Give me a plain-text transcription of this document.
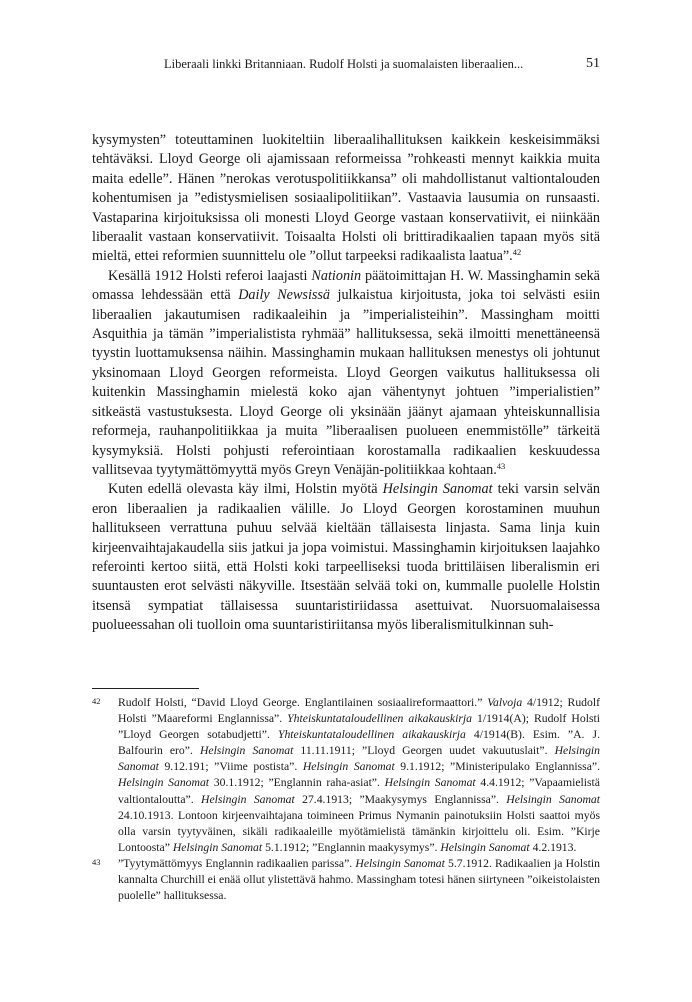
Liberaali linkki Britanniaan. Rudolf Holsti ja suomalaisten liberaalien...	51

kysymysten” toteuttaminen luokiteltiin liberaalihallituksen kaikkein keskeisimmäksi tehtäväksi. Lloyd George oli ajamissaan reformeissa ”rohkeasti mennyt kaikkia muita maita edelle”. Hänen ”nerokas verotuspolitiikkansa” oli mahdollistanut valtiontalouden kohentumisen ja ”edistysmielisen sosiaalipolitiikan”. Vastaavia lausumia on runsaasti. Vastaparina kirjoituksissa oli monesti Lloyd George vastaan konservatiivit, ei niinkään liberaalit vastaan konservatiivit. Toisaalta Holsti oli brittiradikaalien tapaan myös sitä mieltä, ettei reformien suunnittelu ole ”ollut tarpeeksi radikaalista laatua”.$^{42}$

Kesällä 1912 Holsti referoi laajasti Nationin päätoimittajan H. W. Massinghamin sekä omassa lehdessään että Daily Newsissä julkaistua kirjoitusta, joka toi selvästi esiin liberaalien jakautumisen radikaaleihin ja ”imperialisteihin”. Massingham moitti Asquithia ja tämän ”imperialistista ryhmää” hallituksessa, sekä ilmoitti menettäneensä tyystin luottamuksensa näihin. Massinghamin mukaan hallituksen menestys oli johtunut yksinomaan Lloyd Georgen reformeista. Lloyd Georgen vaikutus hallituksessa oli kuitenkin Massinghamin mielestä koko ajan vähentynyt johtuen ”imperialistien” sitkeästä vastustuksesta. Lloyd George oli yksinään jäänyt ajamaan yhteiskunnallisia reformeja, rauhanpolitiikkaa ja muita ”liberaalisen puolueen enemmistölle” tärkeitä kysymyksiä. Holsti pohjusti referointiaan korostamalla radikaalien keskuudessa vallitsevaa tyytymättömyyttä myös Greyn Venäjän-politiikkaa kohtaan.$^{43}$

Kuten edellä olevasta käy ilmi, Holstin myötä Helsingin Sanomat teki varsin selvän eron liberaalien ja radikaalien välille. Jo Lloyd Georgen korostaminen muuhun hallitukseen verrattuna puhuu selvää kieltään tällaisesta linjasta. Sama linja kuin kirjeenvaihtajakaudella siis jatkui ja jopa voimistui. Massinghamin kirjoituksen laajahko referointi kertoo siitä, että Holsti koki tarpeelliseksi tuoda brittiläisen liberalismin eri suuntausten erot selvästi näkyville. Itsestään selvää toki on, kummalle puolelle Holstin itsensä sympatiat tällaisessa suuntaristiriidassa asettuivat. Nuorsuomalaisessa puolueessahan oli tuolloin oma suuntaristiriitansa myös liberalismitulkinnan suh-

42 Rudolf Holsti, “David Lloyd George. Englantilainen sosiaalireformaattori.” Valvoja 4/1912; Rudolf Holsti ”Maareformi Englannissa”. Yhteiskuntataloudellinen aikakauskirja 1/1914(A); Rudolf Holsti ”Lloyd Georgen sotabudjetti”. Yhteiskuntataloudellinen aikakauskirja 4/1914(B). Esim. ”A. J. Balfourin ero”. Helsingin Sanomat 11.11.1911; ”Lloyd Georgen uudet vakuutuslait”. Helsingin Sanomat 9.12.191; ”Viime postista”. Helsingin Sanomat 9.1.1912; ”Ministeripulako Englannissa”. Helsingin Sanomat 30.1.1912; ”Englannin raha-asiat”. Helsingin Sanomat 4.4.1912; ”Vapaamielistä valtiontaloutta”. Helsingin Sanomat 27.4.1913; ”Maakysymys Englannissa”. Helsingin Sanomat 24.10.1913. Lontoon kirjeenvaihtajana toimineen Primus Nymanin painotuksiin Holsti saattoi myös olla varsin tyytyväinen, sikäli radikaaleille myötämielistä tämänkin kirjoittelu oli. Esim. ”Kirje Lontoosta” Helsingin Sanomat 5.1.1912; ”Englannin maakysymys”. Helsingin Sanomat 4.2.1913.
43 ”Tyytymättömyys Englannin radikaalien parissa”. Helsingin Sanomat 5.7.1912. Radikaalien ja Holstin kannalta Churchill ei enää ollut ylistettävä hahmo. Massingham totesi hänen siirtyneen ”oikeistolaisten puolelle” hallituksessa.
